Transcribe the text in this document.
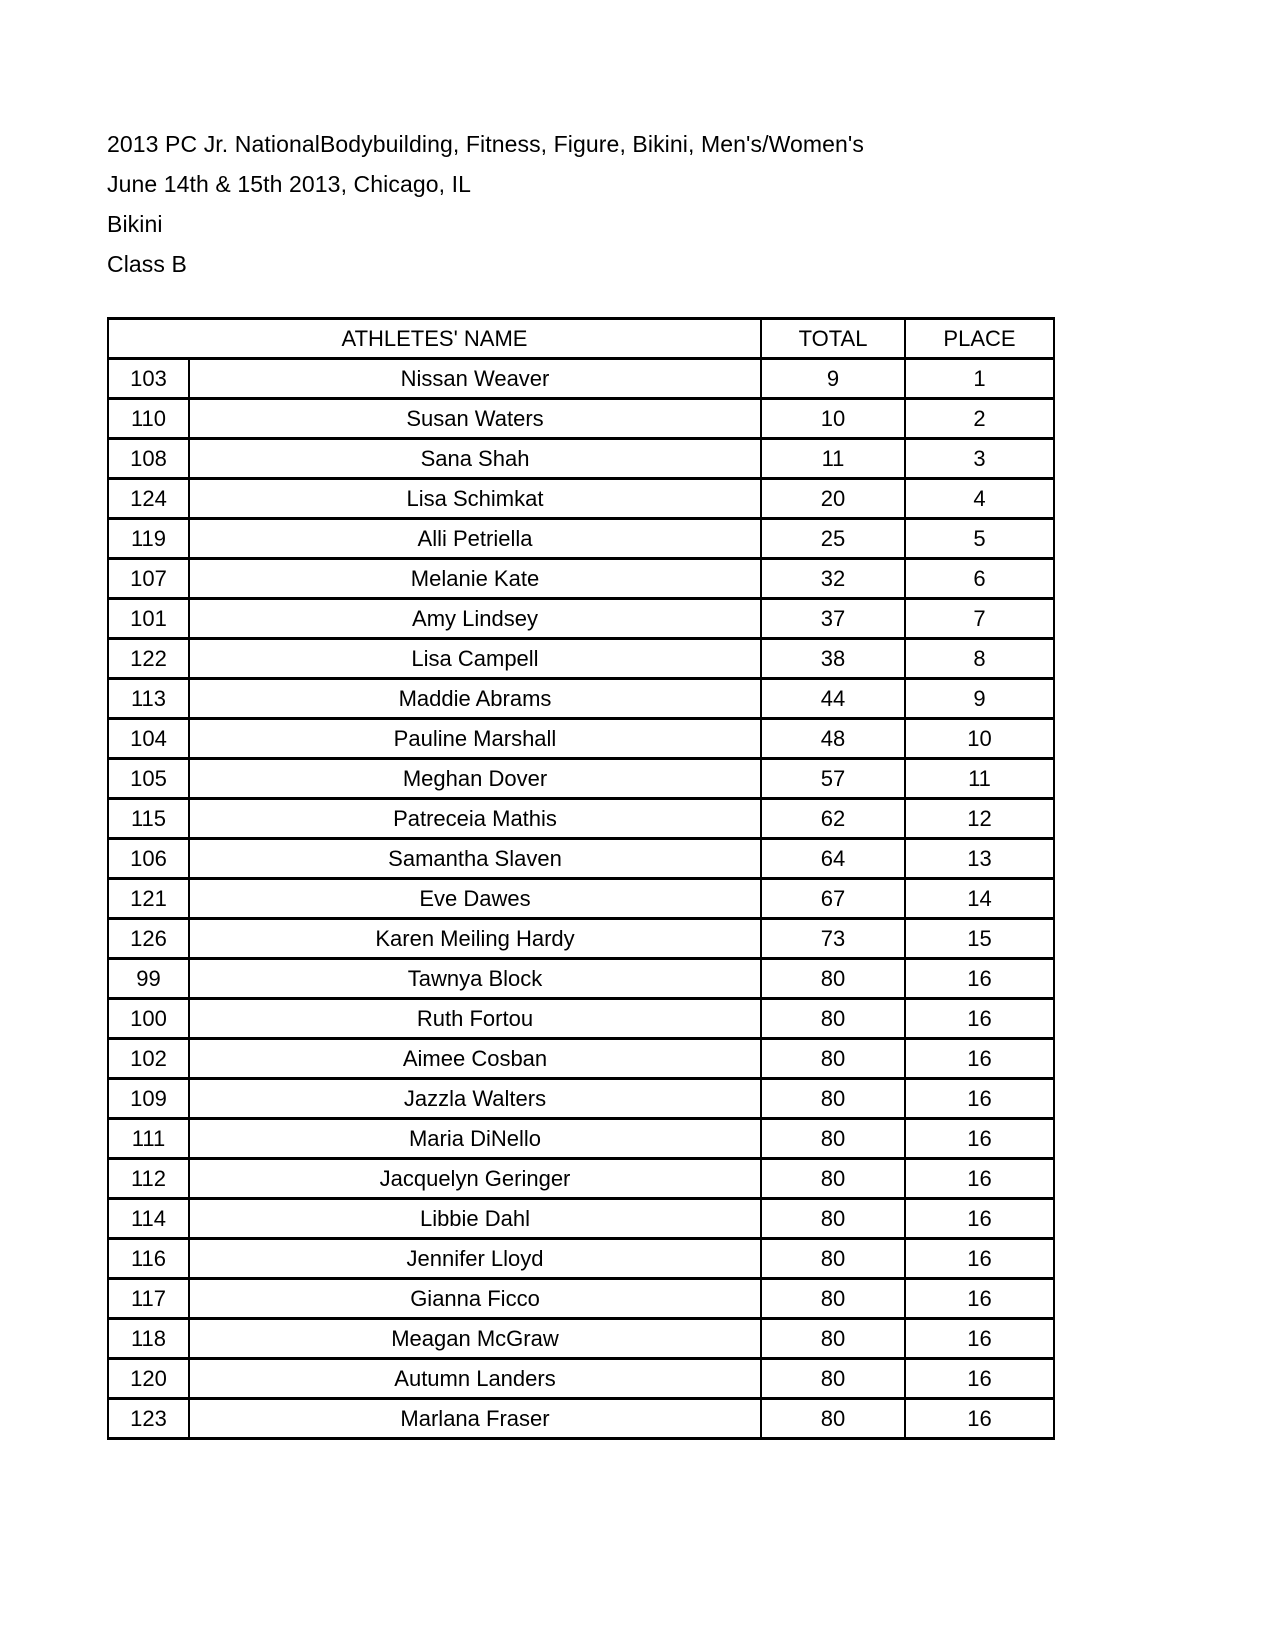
2013 PC Jr. NationalBodybuilding, Fitness, Figure, Bikini, Men's/Women's
June 14th & 15th 2013, Chicago, IL
Bikini
Class B
ATHLETES' NAME		TOTAL	PLACE
103	Nissan Weaver	9	1
110	Susan Waters	10	2
108	Sana Shah	11	3
124	Lisa Schimkat	20	4
119	Alli Petriella	25	5
107	Melanie Kate	32	6
101	Amy Lindsey	37	7
122	Lisa Campell	38	8
113	Maddie Abrams	44	9
104	Pauline Marshall	48	10
105	Meghan Dover	57	11
115	Patreceia Mathis	62	12
106	Samantha Slaven	64	13
121	Eve Dawes	67	14
126	Karen Meiling Hardy	73	15
99	Tawnya Block	80	16
100	Ruth Fortou	80	16
102	Aimee Cosban	80	16
109	Jazzla Walters	80	16
111	Maria DiNello	80	16
112	Jacquelyn Geringer	80	16
114	Libbie Dahl	80	16
116	Jennifer Lloyd	80	16
117	Gianna Ficco	80	16
118	Meagan McGraw	80	16
120	Autumn Landers	80	16
123	Marlana Fraser	80	16
